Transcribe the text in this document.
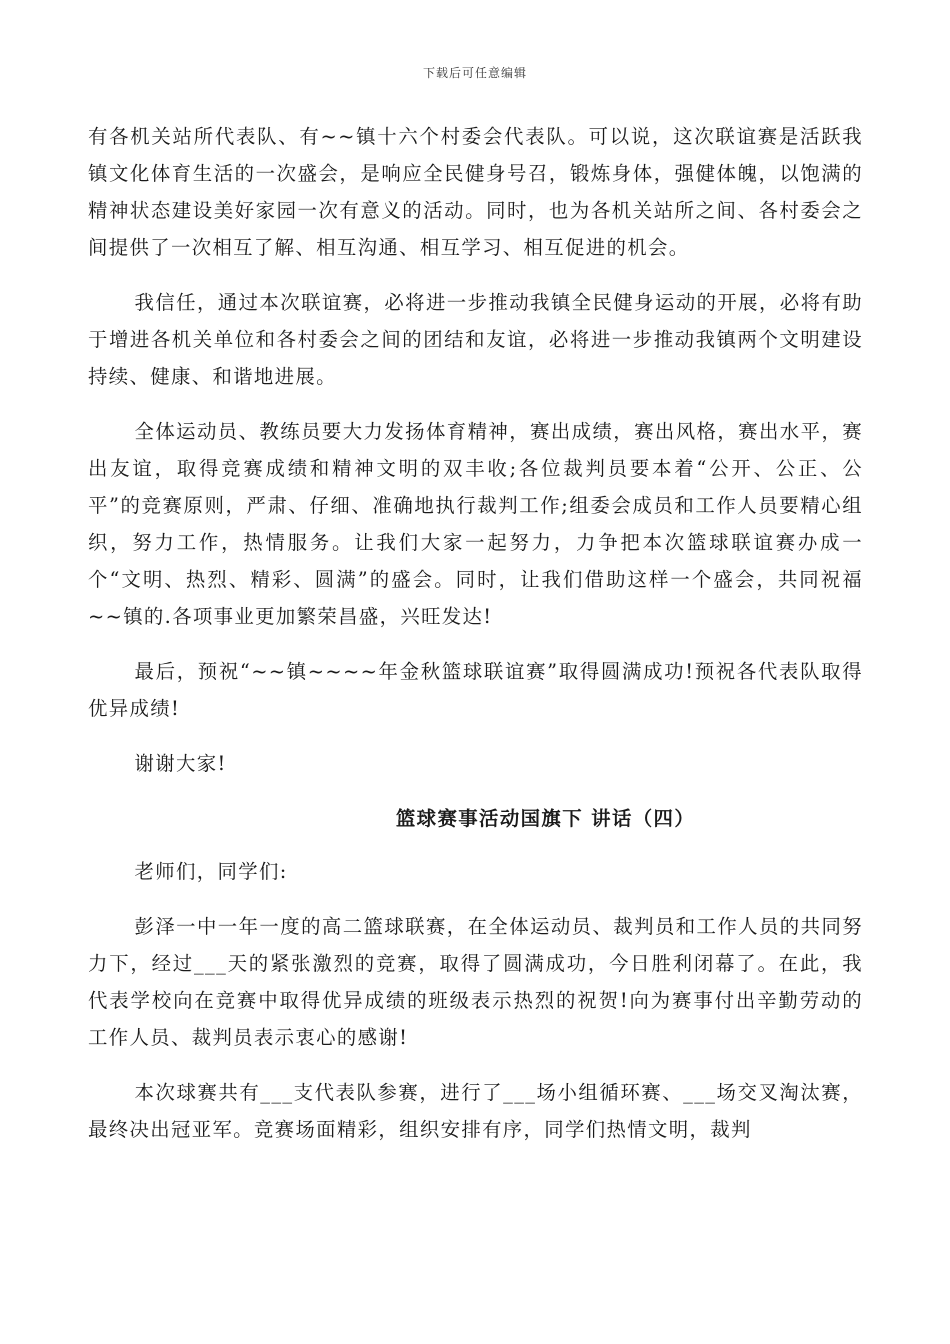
下载后可任意编辑

有各机关站所代表队、有~~镇十六个村委会代表队。可以说，这次联谊赛是活跃我镇文化体育生活的一次盛会，是响应全民健身号召，锻炼身体，强健体魄，以饱满的精神状态建设美好家园一次有意义的活动。同时，也为各机关站所之间、各村委会之间提供了一次相互了解、相互沟通、相互学习、相互促进的机会。

我信任，通过本次联谊赛，必将进一步推动我镇全民健身运动的开展，必将有助于增进各机关单位和各村委会之间的团结和友谊，必将进一步推动我镇两个文明建设持续、健康、和谐地进展。

全体运动员、教练员要大力发扬体育精神，赛出成绩，赛出风格，赛出水平，赛出友谊，取得竞赛成绩和精神文明的双丰收;各位裁判员要本着“公开、公正、公平”的竞赛原则，严肃、仔细、准确地执行裁判工作;组委会成员和工作人员要精心组织，努力工作，热情服务。让我们大家一起努力，力争把本次篮球联谊赛办成一个“文明、热烈、精彩、圆满”的盛会。同时，让我们借助这样一个盛会，共同祝福~~镇的.各项事业更加繁荣昌盛，兴旺发达!

最后，预祝“~~镇~~~~年金秋篮球联谊赛”取得圆满成功!预祝各代表队取得优异成绩!

谢谢大家!

篮球赛事活动国旗下 讲话（四）

老师们，同学们:

彭泽一中一年一度的高二篮球联赛，在全体运动员、裁判员和工作人员的共同努力下，经过___天的紧张激烈的竞赛，取得了圆满成功，今日胜利闭幕了。在此，我代表学校向在竞赛中取得优异成绩的班级表示热烈的祝贺!向为赛事付出辛勤劳动的工作人员、裁判员表示衷心的感谢!

本次球赛共有___支代表队参赛，进行了___场小组循环赛、___场交叉淘汰赛，最终决出冠亚军。竞赛场面精彩，组织安排有序，同学们热情文明，裁判
